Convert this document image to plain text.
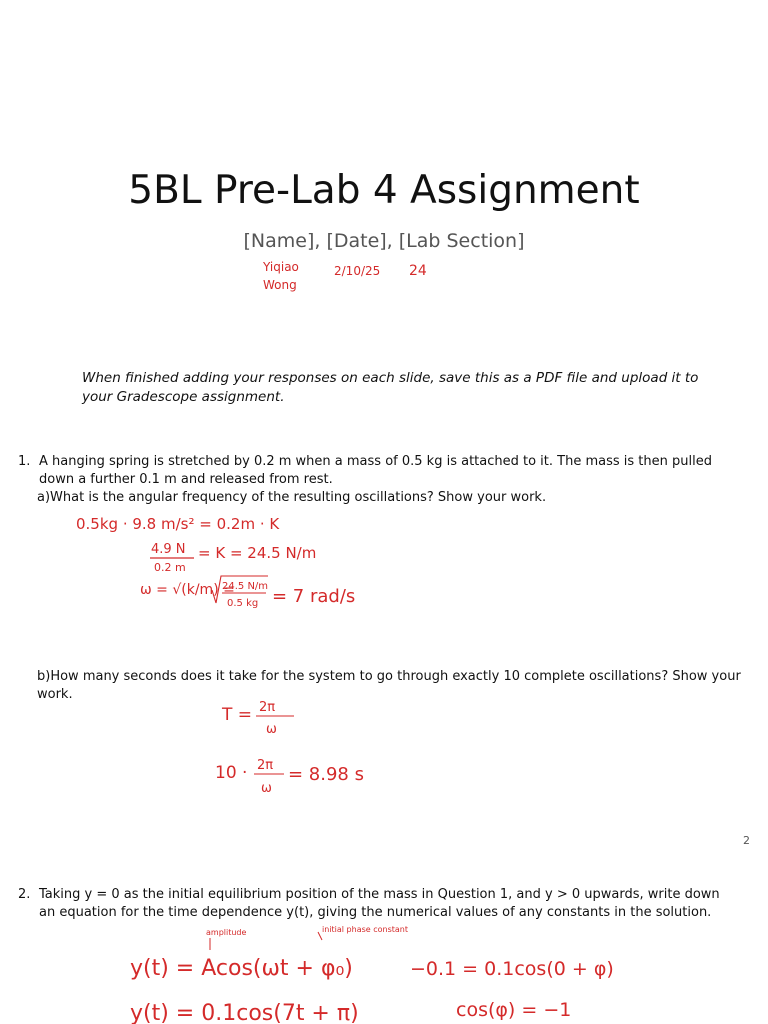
5BL Pre-Lab 4 Assignment
[Name], [Date], [Lab Section]
When finished adding your responses on each slide, save this as a PDF file and upload it to your Gradescope assignment.
1. A hanging spring is stretched by 0.2 m when a mass of 0.5 kg is attached to it. The mass is then pulled down a further 0.1 m and released from rest.
a)What is the angular frequency of the resulting oscillations? Show your work.
b)How many seconds does it take for the system to go through exactly 10 complete oscillations? Show your work.
2
2. Taking y = 0 as the initial equilibrium position of the mass in Question 1, and y > 0 upwards, write down an equation for the time dependence y(t), giving the numerical values of any constants in the solution.
Yiqiao
Wong
2/10/25 24
0.5kg · 9.8 m/s² = 0.2m · K
4.9 N
0.2 m
= K = 24.5 N/m
ω = √(k/m) =
24.5 N/m
0.5 kg = 7 rad/s
T = 2π
ω
10 · 2π
ω
= 8.98 s
amplitude	initial phase constant
y(t) = Acos(ωt + φ₀)	−0.1 = 0.1cos(0 + φ)
y(t) = 0.1cos(7t + π)	cos(φ) = −1
